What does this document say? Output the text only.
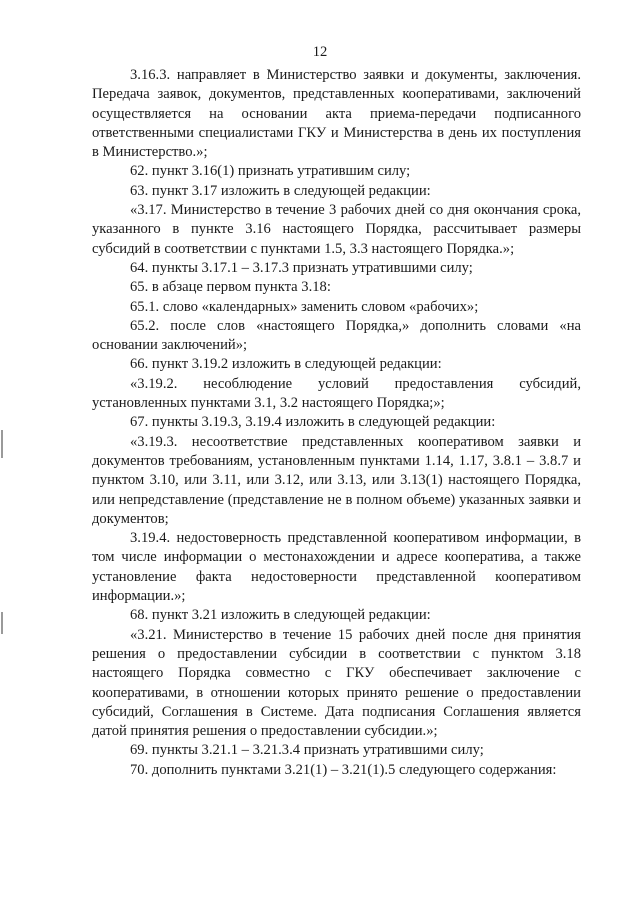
12

3.16.3. направляет в Министерство заявки и документы, заключения. Передача заявок, документов, представленных кооперативами, заключений осуществляется на основании акта приема-передачи подписанного ответственными специалистами ГКУ и Министерства в день их поступления в Министерство.»;

62. пункт 3.16(1) признать утратившим силу;

63. пункт 3.17 изложить в следующей редакции:

«3.17. Министерство в течение 3 рабочих дней со дня окончания срока, указанного в пункте 3.16 настоящего Порядка, рассчитывает размеры субсидий в соответствии с пунктами 1.5, 3.3 настоящего Порядка.»;

64. пункты 3.17.1 – 3.17.3 признать утратившими силу;

65. в абзаце первом пункта 3.18:

65.1. слово «календарных» заменить словом «рабочих»;

65.2. после слов «настоящего Порядка,» дополнить словами «на основании заключений»;

66. пункт 3.19.2 изложить в следующей редакции:

«3.19.2. несоблюдение условий предоставления субсидий, установленных пунктами 3.1, 3.2 настоящего Порядка;»;

67. пункты 3.19.3, 3.19.4 изложить в следующей редакции:

«3.19.3. несоответствие представленных кооперативом заявки и документов требованиям, установленным пунктами 1.14, 1.17, 3.8.1 – 3.8.7 и пунктом 3.10, или 3.11, или 3.12, или 3.13, или 3.13(1) настоящего Порядка, или непредставление (представление не в полном объеме) указанных заявки и документов;

3.19.4. недостоверность представленной кооперативом информации, в том числе информации о местонахождении и адресе кооператива, а также установление факта недостоверности представленной кооперативом информации.»;

68. пункт 3.21 изложить в следующей редакции:

«3.21. Министерство в течение 15 рабочих дней после дня принятия решения о предоставлении субсидии в соответствии с пунктом 3.18 настоящего Порядка совместно с ГКУ обеспечивает заключение с кооперативами, в отношении которых принято решение о предоставлении субсидий, Соглашения в Системе. Дата подписания Соглашения является датой принятия решения о предоставлении субсидии.»;

69. пункты 3.21.1 – 3.21.3.4 признать утратившими силу;

70. дополнить пунктами 3.21(1) – 3.21(1).5 следующего содержания:
